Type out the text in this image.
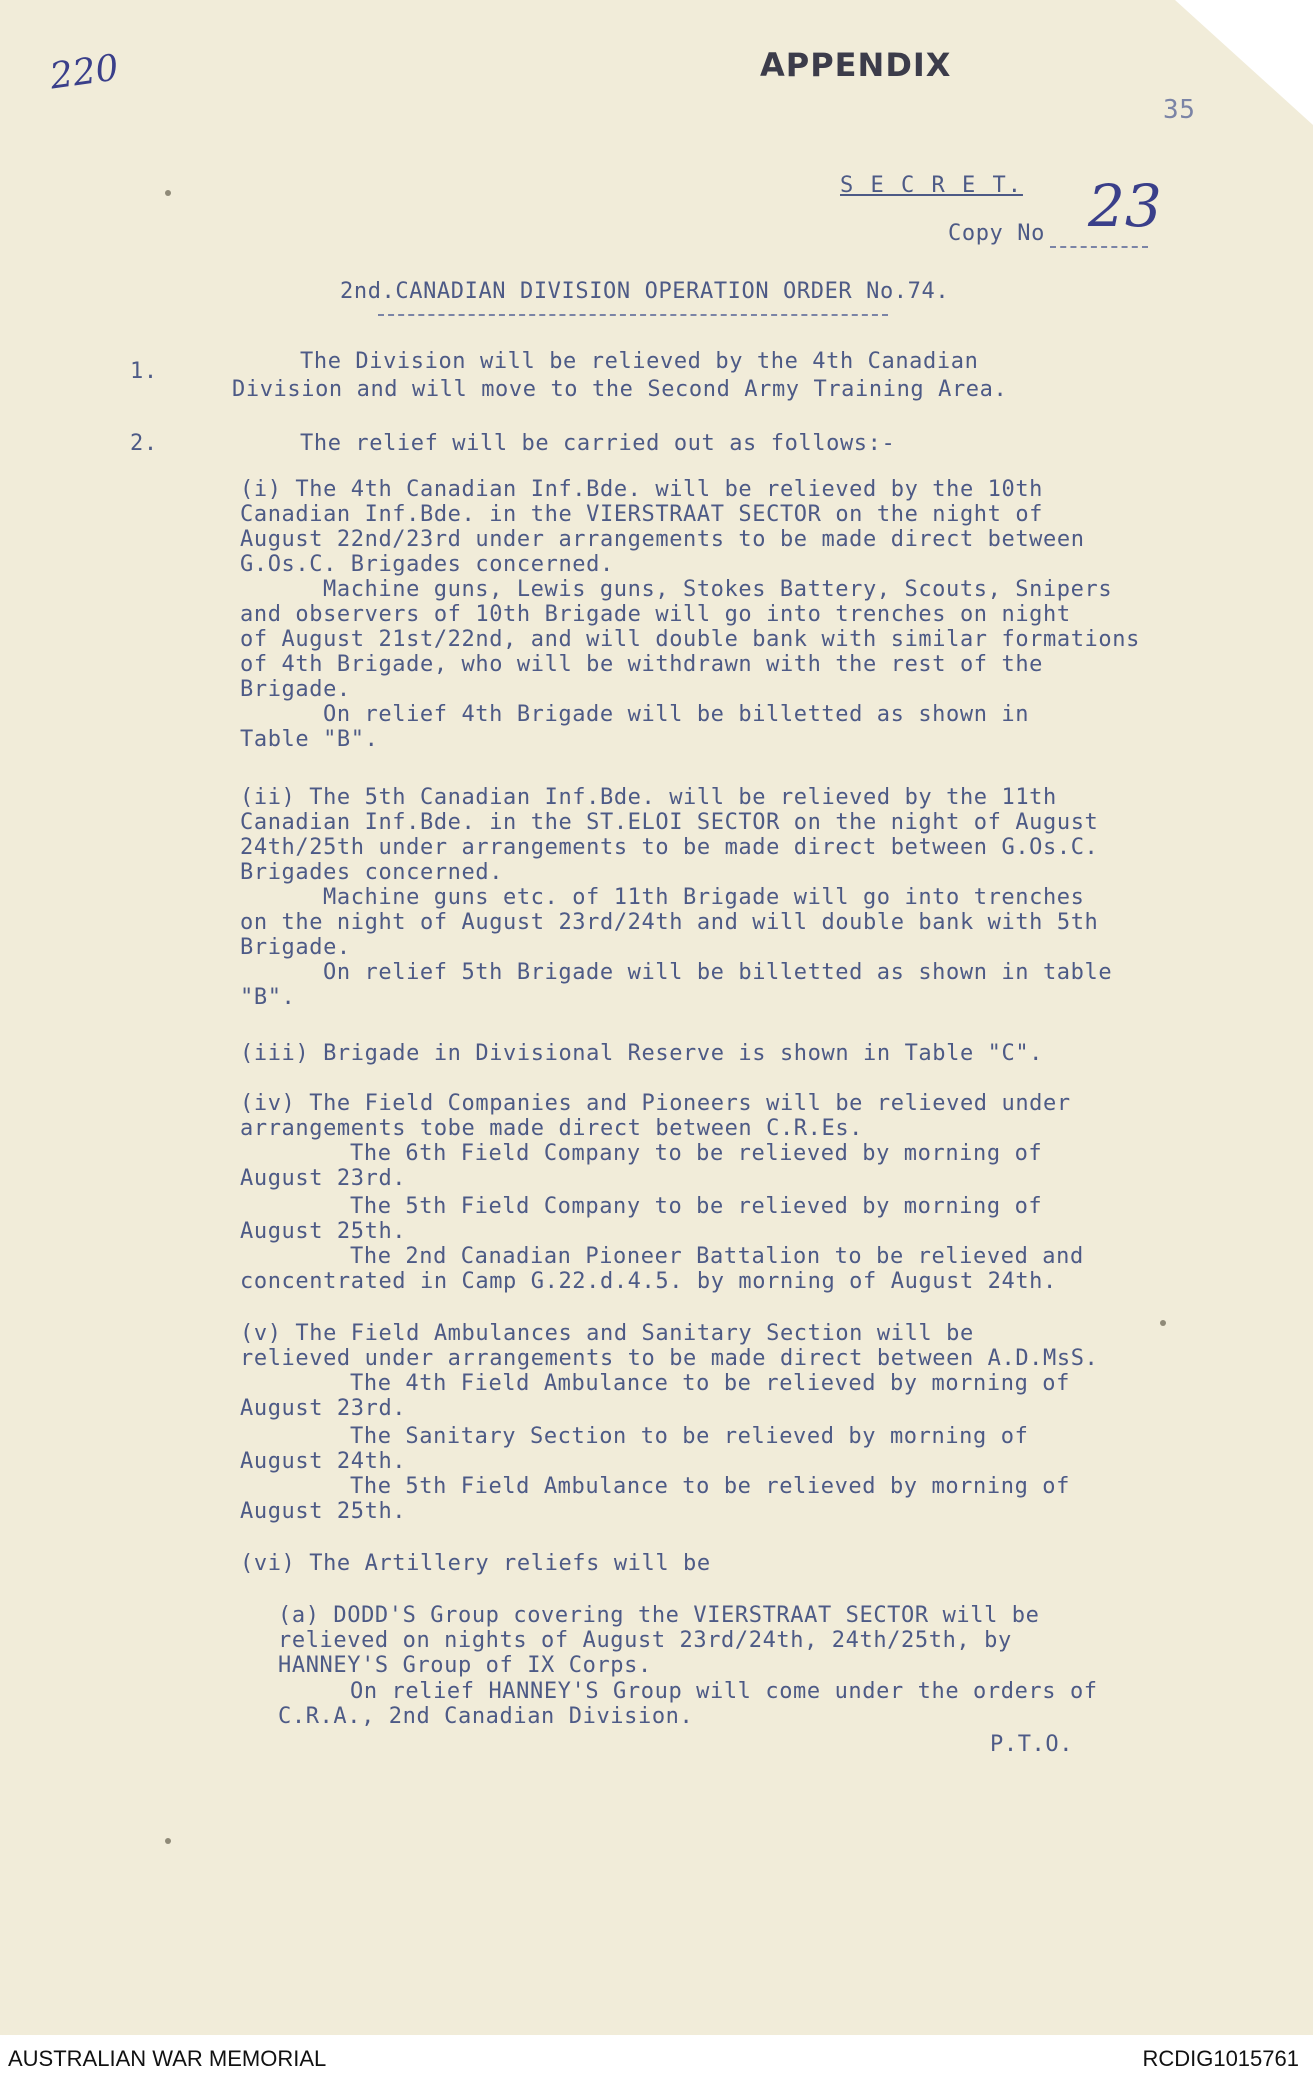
220	APPENDIX
35
S E C R E T.
Copy No 23
2nd.CANADIAN DIVISION OPERATION ORDER No.74.
1.	The Division will be relieved by the 4th Canadian
Division and will move to the Second Army Training Area.
2.	The relief will be carried out as follows:-
(i) The 4th Canadian Inf.Bde. will be relieved by the 10th
Canadian Inf.Bde. in the VIERSTRAAT SECTOR on the night of
August 22nd/23rd under arrangements to be made direct between
G.Os.C. Brigades concerned.
Machine guns, Lewis guns, Stokes Battery, Scouts, Snipers
and observers of 10th Brigade will go into trenches on night
of August 21st/22nd, and will double bank with similar formations
of 4th Brigade, who will be withdrawn with the rest of the
Brigade.
On relief 4th Brigade will be billetted as shown in
Table "B".
(ii) The 5th Canadian Inf.Bde. will be relieved by the 11th
Canadian Inf.Bde. in the ST.ELOI SECTOR on the night of August
24th/25th under arrangements to be made direct between G.Os.C.
Brigades concerned.
Machine guns etc. of 11th Brigade will go into trenches
on the night of August 23rd/24th and will double bank with 5th
Brigade.
On relief 5th Brigade will be billetted as shown in table
"B".
(iii) Brigade in Divisional Reserve is shown in Table "C".
(iv) The Field Companies and Pioneers will be relieved under
arrangements tobe made direct between C.R.Es.
The 6th Field Company to be relieved by morning of
August 23rd.
The 5th Field Company to be relieved by morning of
August 25th.
The 2nd Canadian Pioneer Battalion to be relieved and
concentrated in Camp G.22.d.4.5. by morning of August 24th.
(v) The Field Ambulances and Sanitary Section will be
relieved under arrangements to be made direct between A.D.MsS.
The 4th Field Ambulance to be relieved by morning of
August 23rd.
The Sanitary Section to be relieved by morning of
August 24th.
The 5th Field Ambulance to be relieved by morning of
August 25th.
(vi) The Artillery reliefs will be
(a) DODD'S Group covering the VIERSTRAAT SECTOR will be
relieved on nights of August 23rd/24th, 24th/25th, by
HANNEY'S Group of IX Corps.
On relief HANNEY'S Group will come under the orders of
C.R.A., 2nd Canadian Division.
P.T.O.
AUSTRALIAN WAR MEMORIAL	RCDIG1015761
